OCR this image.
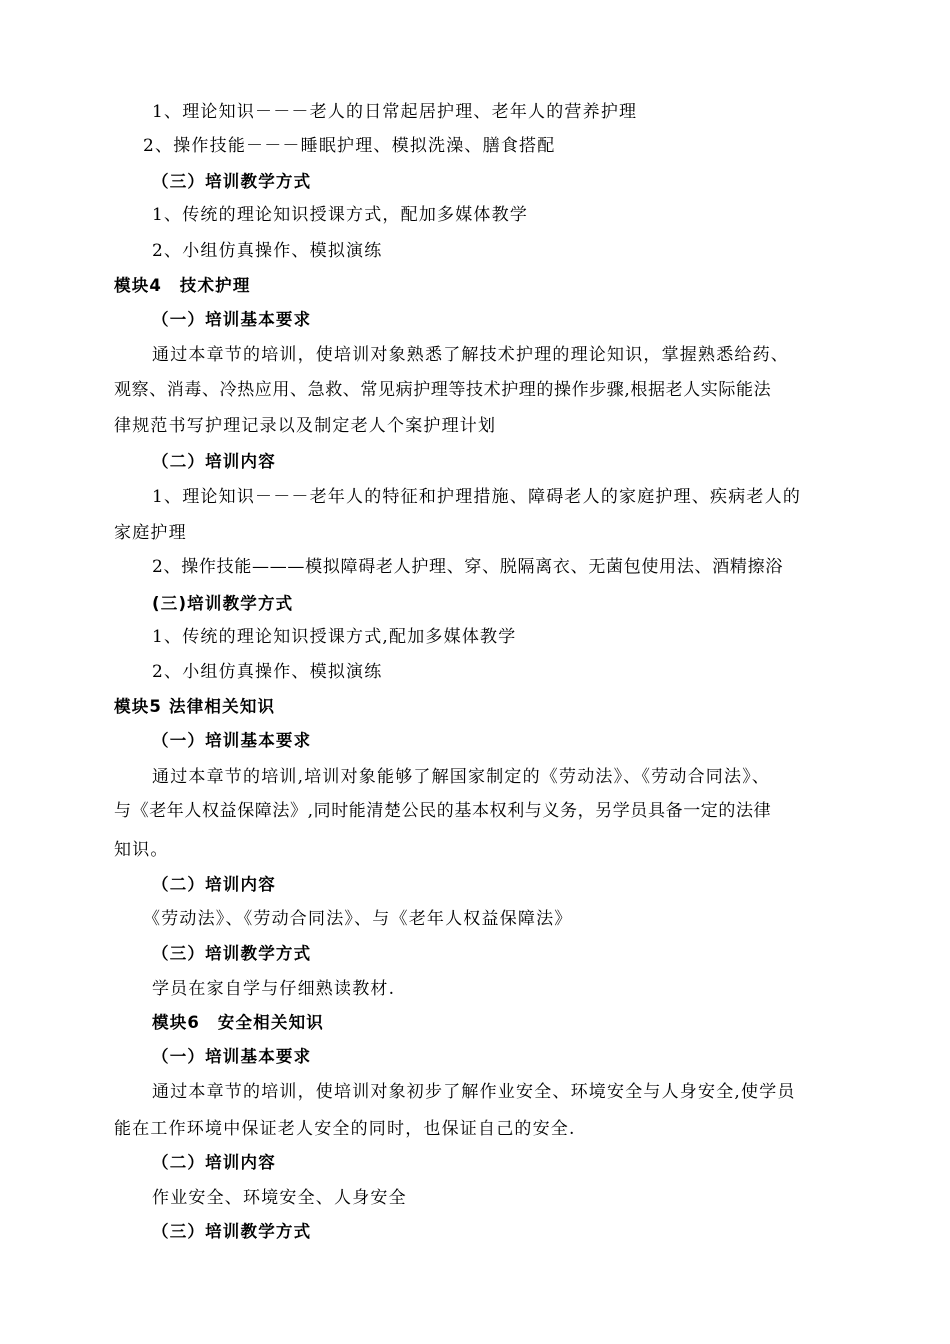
1、理论知识－－－老人的日常起居护理、老年人的营养护理
2、操作技能－－－睡眠护理、模拟洗澡、膳食搭配
（三）培训教学方式
1、传统的理论知识授课方式，配加多媒体教学
2、小组仿真操作、模拟演练
模块4　技术护理
（一）培训基本要求
通过本章节的培训，使培训对象熟悉了解技术护理的理论知识，掌握熟悉给药、
观察、消毒、冷热应用、急救、常见病护理等技术护理的操作步骤,根据老人实际能法
律规范书写护理记录以及制定老人个案护理计划
（二）培训内容
1、理论知识－－－老年人的特征和护理措施、障碍老人的家庭护理、疾病老人的
家庭护理
2、操作技能———模拟障碍老人护理、穿、脱隔离衣、无菌包使用法、酒精擦浴
(三)培训教学方式
1、传统的理论知识授课方式,配加多媒体教学
2、小组仿真操作、模拟演练
模块5 法律相关知识
（一）培训基本要求
通过本章节的培训,培训对象能够了解国家制定的《劳动法》、《劳动合同法》、
与《老年人权益保障法》,同时能清楚公民的基本权利与义务，另学员具备一定的法律
知识。
（二）培训内容
《劳动法》、《劳动合同法》、与《老年人权益保障法》
（三）培训教学方式
学员在家自学与仔细熟读教材.
模块6　安全相关知识
（一）培训基本要求
通过本章节的培训，使培训对象初步了解作业安全、环境安全与人身安全,使学员
能在工作环境中保证老人安全的同时，也保证自己的安全.
（二）培训内容
作业安全、环境安全、人身安全
（三）培训教学方式
